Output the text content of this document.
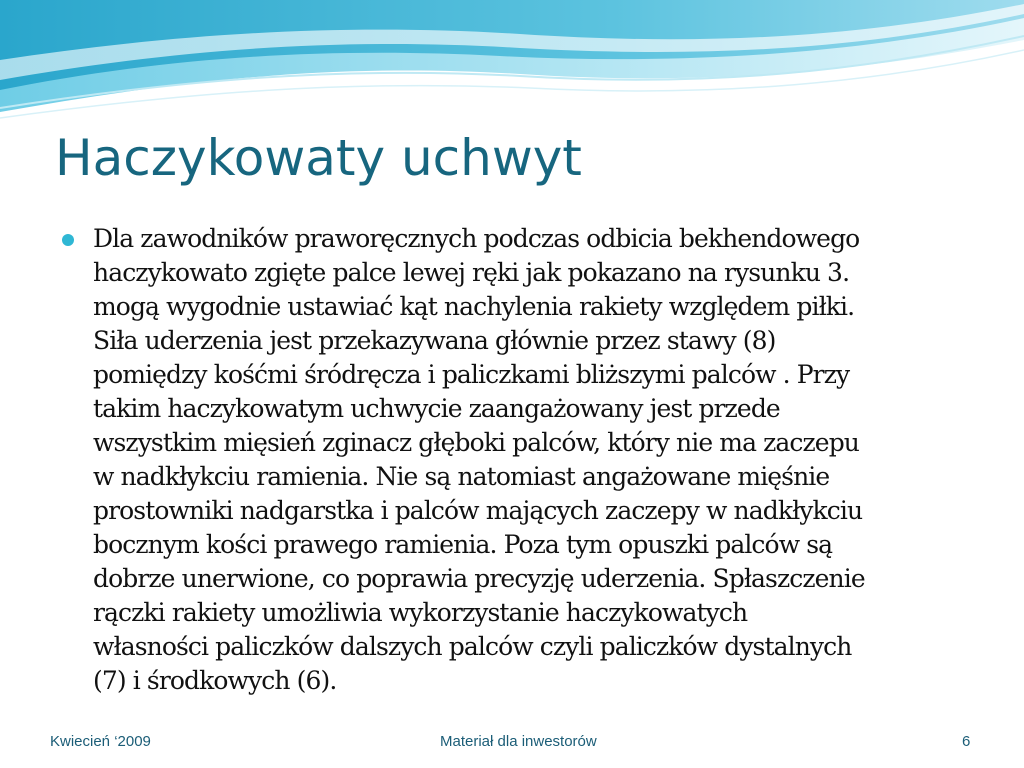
Haczykowaty uchwyt
Dla zawodników praworęcznych podczas odbicia bekhendowego
haczykowato zgięte palce lewej ręki jak pokazano na rysunku 3.
mogą wygodnie ustawiać kąt nachylenia rakiety względem piłki.
Siła uderzenia jest przekazywana głównie przez stawy (8)
pomiędzy kośćmi śródręcza i paliczkami bliższymi palców . Przy
takim haczykowatym uchwycie zaangażowany jest przede
wszystkim mięsień zginacz głęboki palców, który nie ma zaczepu
w nadkłykciu ramienia. Nie są natomiast angażowane mięśnie
prostowniki nadgarstka i palców mających zaczepy w nadkłykciu
bocznym kości prawego ramienia. Poza tym opuszki palców są
dobrze unerwione, co poprawia precyzję uderzenia. Spłaszczenie
rączki rakiety umożliwia wykorzystanie haczykowatych
własności paliczków dalszych palców czyli paliczków dystalnych
(7) i środkowych (6).
Kwiecień ‘2009	Materiał dla inwestorów	6
